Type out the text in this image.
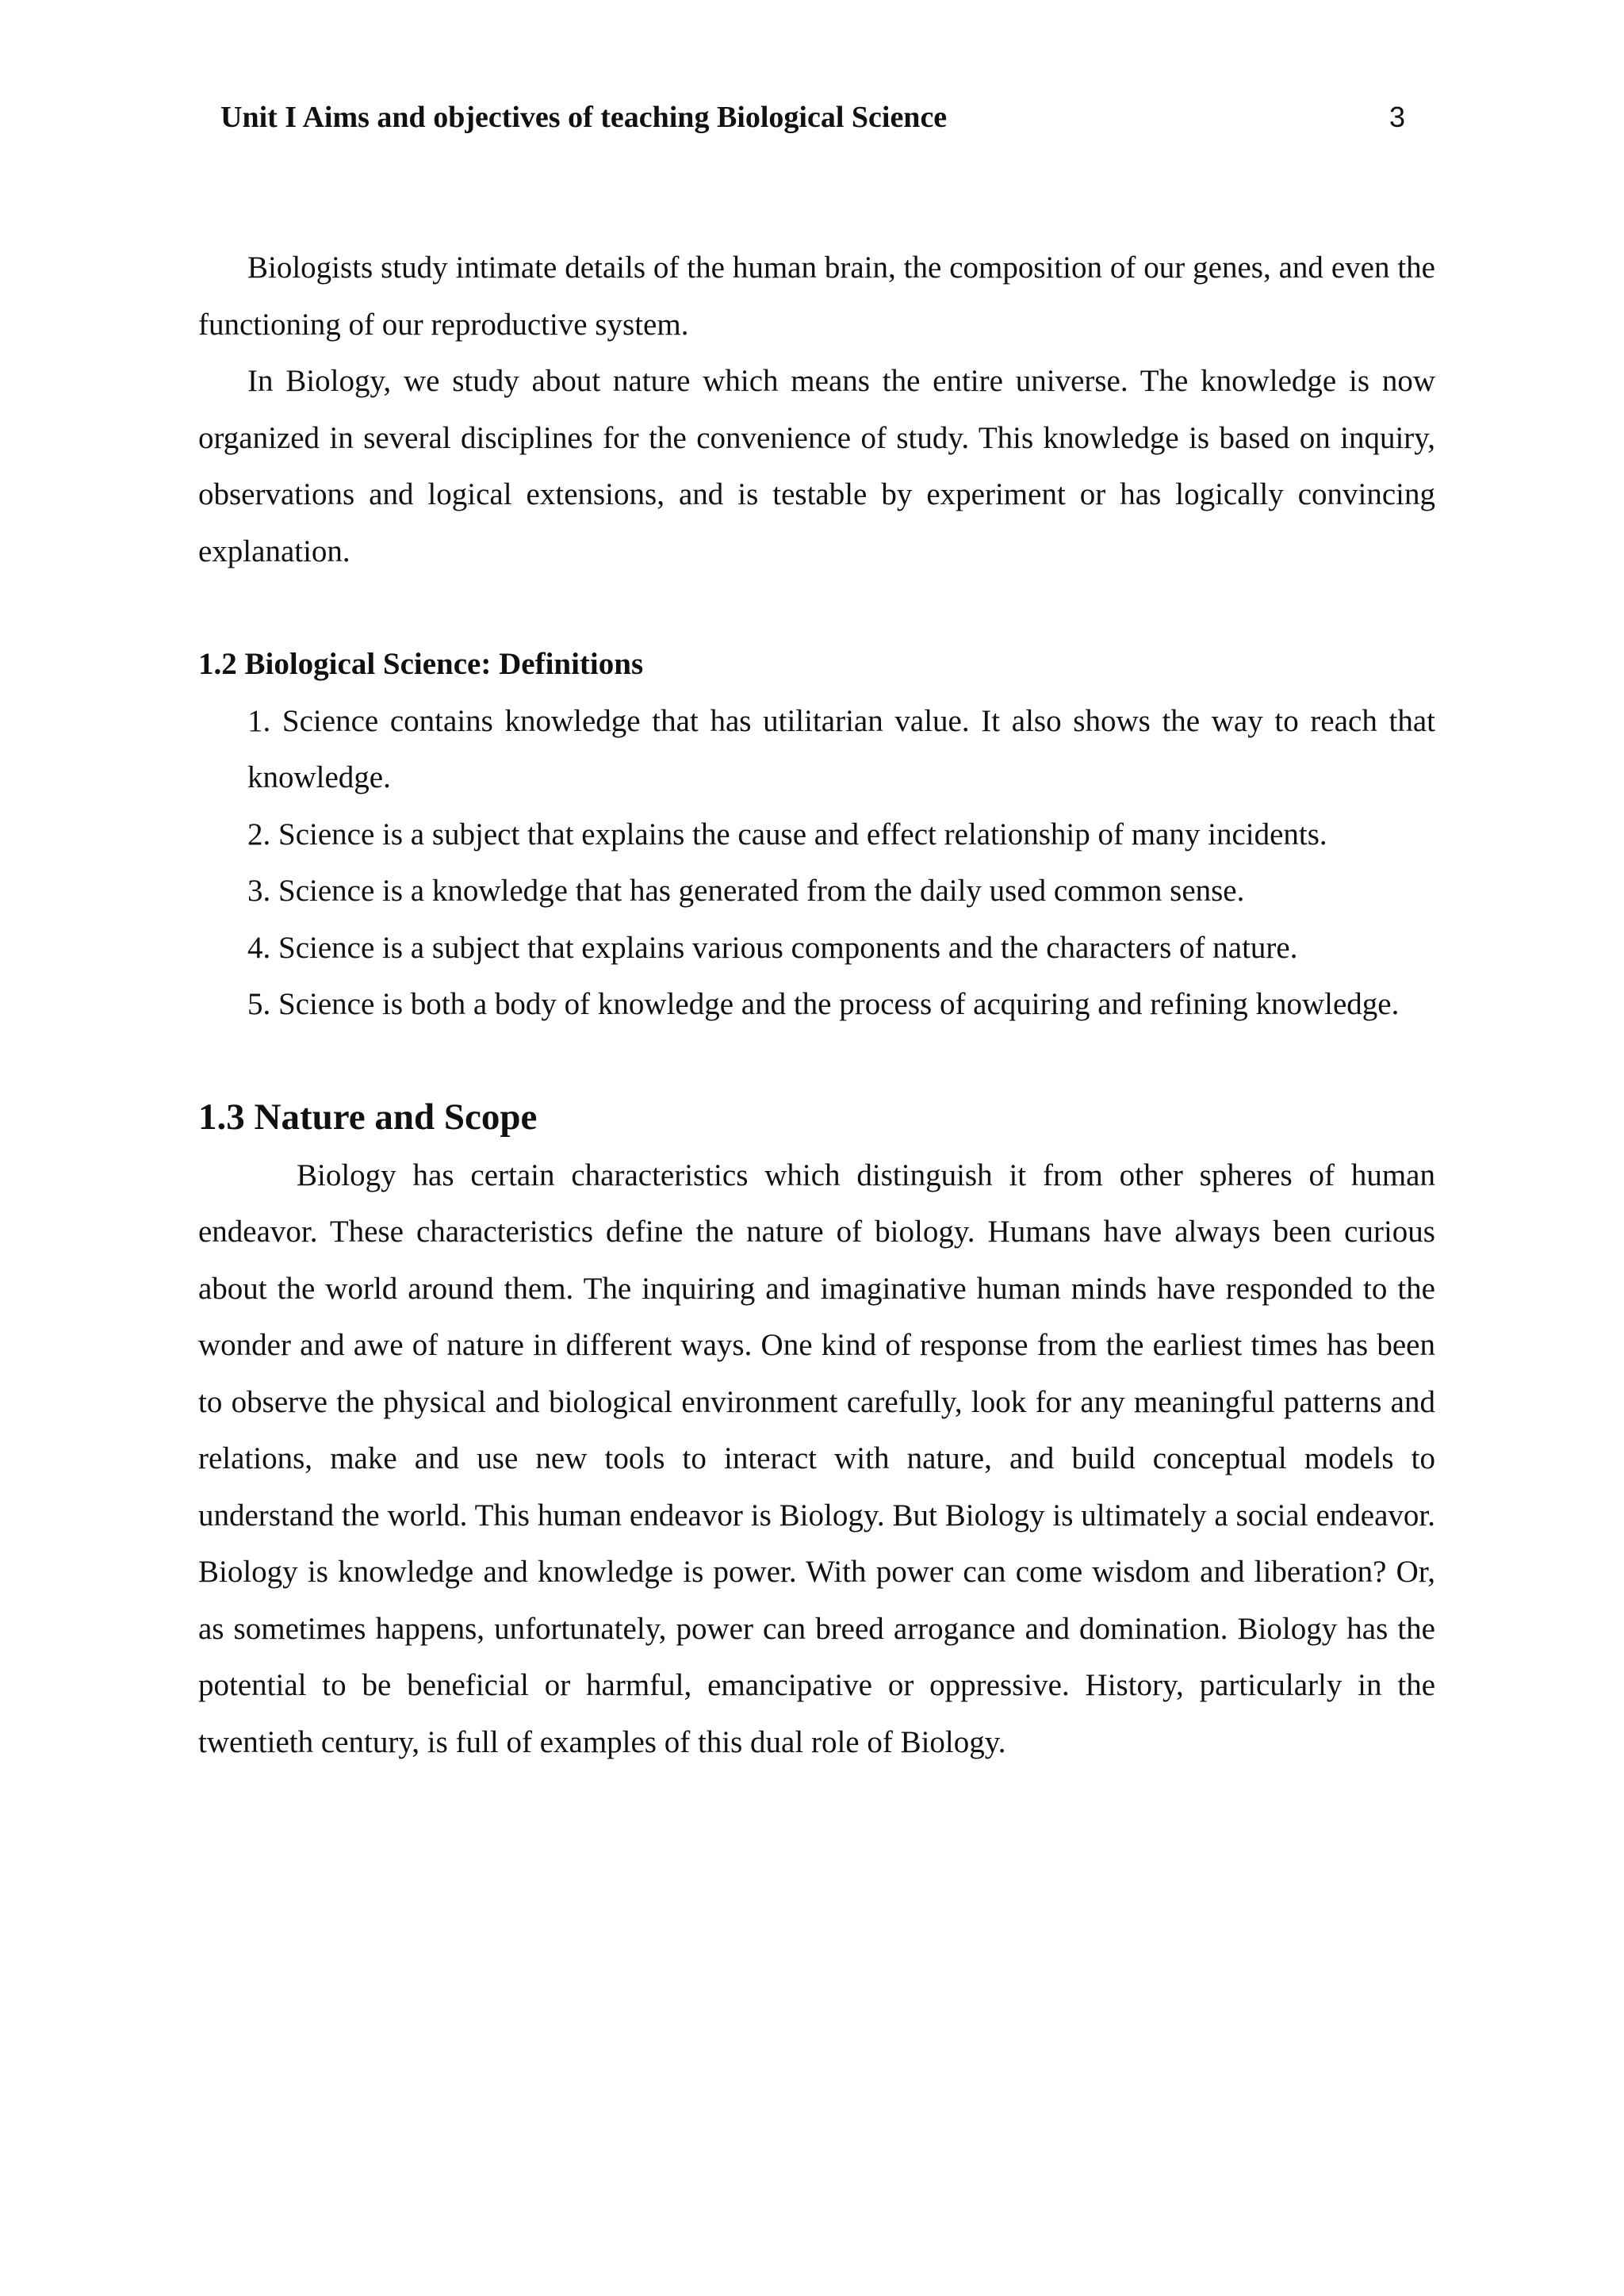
Unit I Aims and objectives of teaching Biological Science	3

Biologists study intimate details of the human brain, the composition of our genes, and even the functioning of our reproductive system.

In Biology, we study about nature which means the entire universe. The knowledge is now organized in several disciplines for the convenience of study. This knowledge is based on inquiry, observations and logical extensions, and is testable by experiment or has logically convincing explanation.

1.2 Biological Science: Definitions
1. Science contains knowledge that has utilitarian value. It also shows the way to reach that knowledge.
2. Science is a subject that explains the cause and effect relationship of many incidents.
3. Science is a knowledge that has generated from the daily used common sense.
4. Science is a subject that explains various components and the characters of nature.
5. Science is both a body of knowledge and the process of acquiring and refining knowledge.
1.3 Nature and Scope

Biology has certain characteristics which distinguish it from other spheres of human endeavor. These characteristics define the nature of biology. Humans have always been curious about the world around them. The inquiring and imaginative human minds have responded to the wonder and awe of nature in different ways. One kind of response from the earliest times has been to observe the physical and biological environment carefully, look for any meaningful patterns and relations, make and use new tools to interact with nature, and build conceptual models to understand the world. This human endeavor is Biology. But Biology is ultimately a social endeavor. Biology is knowledge and knowledge is power. With power can come wisdom and liberation? Or, as sometimes happens, unfortunately, power can breed arrogance and domination. Biology has the potential to be beneficial or harmful, emancipative or oppressive. History, particularly in the twentieth century, is full of examples of this dual role of Biology.
